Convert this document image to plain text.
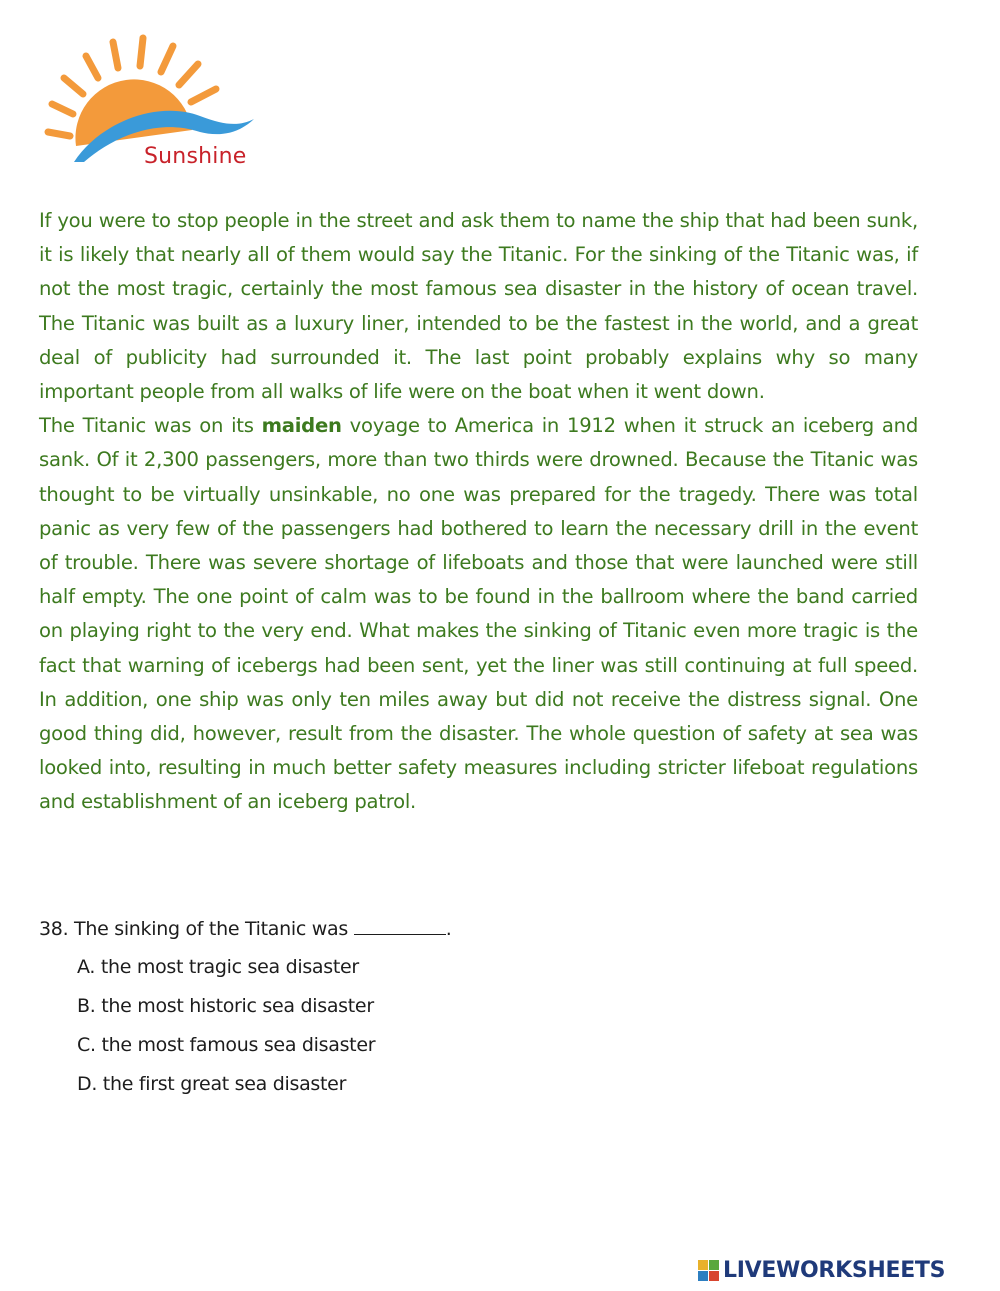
Sunshine

If you were to stop people in the street and ask them to name the ship that had been sunk, it is likely that nearly all of them would say the Titanic. For the sinking of the Titanic was, if not the most tragic, certainly the most famous sea disaster in the history of ocean travel. The Titanic was built as a luxury liner, intended to be the fastest in the world, and a great deal of publicity had surrounded it. The last point probably explains why so many important people from all walks of life were on the boat when it went down.

The Titanic was on its maiden voyage to America in 1912 when it struck an iceberg and sank. Of it 2,300 passengers, more than two thirds were drowned. Because the Titanic was thought to be virtually unsinkable, no one was prepared for the tragedy. There was total panic as very few of the passengers had bothered to learn the necessary drill in the event of trouble. There was severe shortage of lifeboats and those that were launched were still half empty. The one point of calm was to be found in the ballroom where the band carried on playing right to the very end. What makes the sinking of Titanic even more tragic is the fact that warning of icebergs had been sent, yet the liner was still continuing at full speed. In addition, one ship was only ten miles away but did not receive the distress signal. One good thing did, however, result from the disaster. The whole question of safety at sea was looked into, resulting in much better safety measures including stricter lifeboat regulations and establishment of an iceberg patrol.

38. The sinking of the Titanic was	.

A. the most tragic sea disaster
B. the most historic sea disaster
C. the most famous sea disaster
D. the first great sea disaster
LIVEWORKSHEETS
